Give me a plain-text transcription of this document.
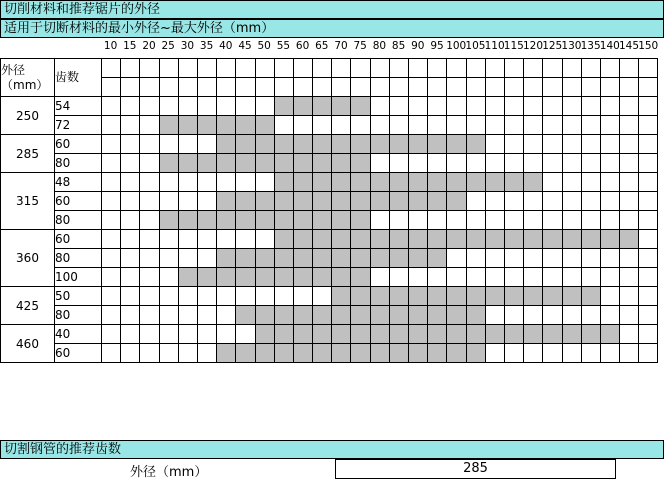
切削材料和推荐锯片的外径
适用于切断材料的最小外径~最大外径（mm）
10 15 20 25 30 35 40 45 50 55 60 65 70 75 80 85 90 95 100 105 110 115 120 125 130 135 140 145 150
外径
（mm）	齿数																													

250	54																													
	72																													
285	60																													
	80																													
315	48																													
	60																													
	80																													
360	60																													
	80																													
	100																													
425	50																													
	80																													
460	40																													
	60																													
切割钢管的推荐齿数
外径（mm）	285
